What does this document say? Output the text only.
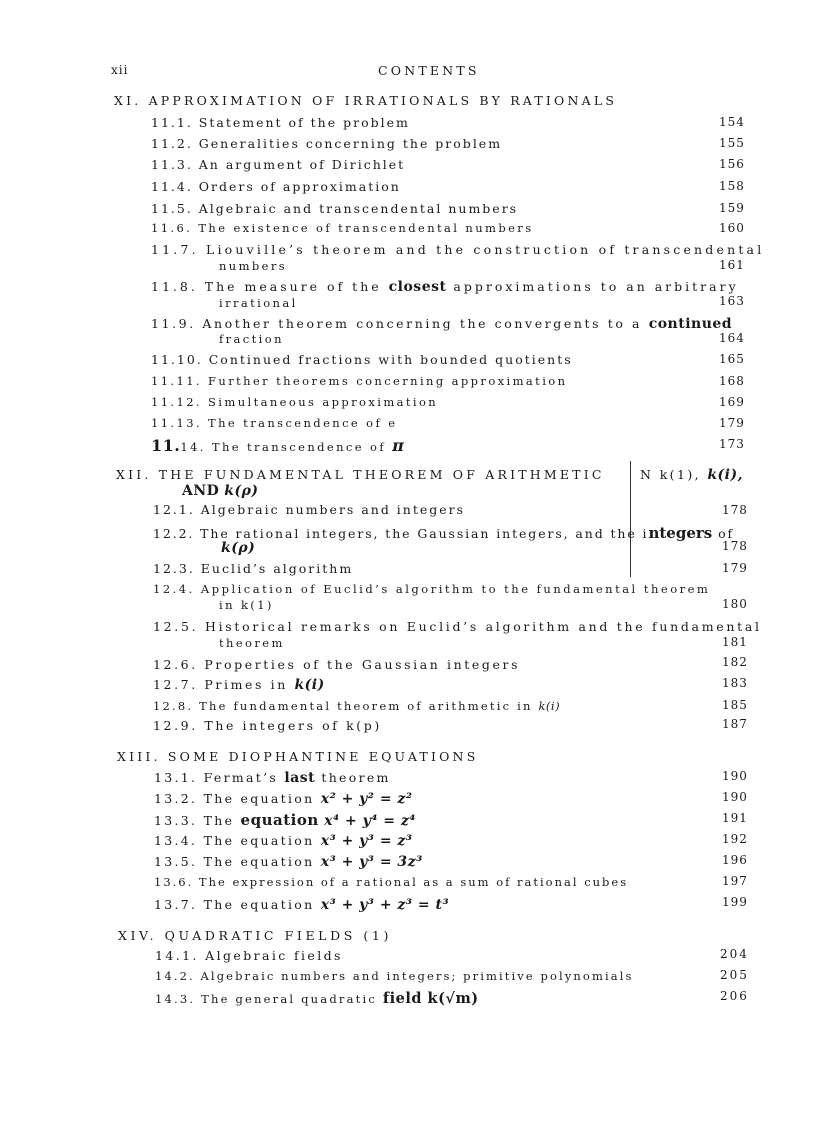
xii	CONTENTS
XI. APPROXIMATION OF IRRATIONALS BY RATIONALS
11.1. Statement of the problem	154
11.2. Generalities concerning the problem	155
11.3. An argument of Dirichlet	156
11.4. Orders of approximation	158
11.5. Algebraic and transcendental numbers	159
11.6. The existence of transcendental numbers	160
11.7. Liouville’s theorem and the construction of transcendental
numbers	161
11.8. The measure of the closest approximations to an arbitrary
irrational	163
11.9. Another theorem concerning the convergents to a continued
fraction	164
11.10. Continued fractions with bounded quotients	165
11.11. Further theorems concerning approximation	168
11.12. Simultaneous approximation	169
11.13. The transcendence of e	179
11.14. The transcendence of π	173
XII. THE FUNDAMENTAL THEOREM OF ARITHMETIC	N k(1), k(i),
AND k(ρ)
12.1. Algebraic numbers and integers	178
12.2. The rational integers, the Gaussian integers, and the integers of
k(ρ)	178
12.3. Euclid’s algorithm	179
12.4. Application of Euclid’s algorithm to the fundamental theorem
in k(1)	180
12.5. Historical remarks on Euclid’s algorithm and the fundamental
theorem	181
12.6. Properties of the Gaussian integers	182
12.7. Primes in k(i)	183
12.8. The fundamental theorem of arithmetic in k(i)	185
12.9. The integers of k(p)	187
XIII. SOME DIOPHANTINE EQUATIONS
13.1. Fermat’s last theorem	190
13.2. The equation x² + y² = z²	190
13.3. The equation x⁴ + y⁴ = z⁴	191
13.4. The equation x³ + y³ = z³	192
13.5. The equation x³ + y³ = 3z³	196
13.6. The expression of a rational as a sum of rational cubes	197
13.7. The equation x³ + y³ + z³ = t³	199
XIV. QUADRATIC FIELDS (1)
14.1. Algebraic fields	204
14.2. Algebraic numbers and integers; primitive polynomials	205
14.3. The general quadratic field k(√m)	206
